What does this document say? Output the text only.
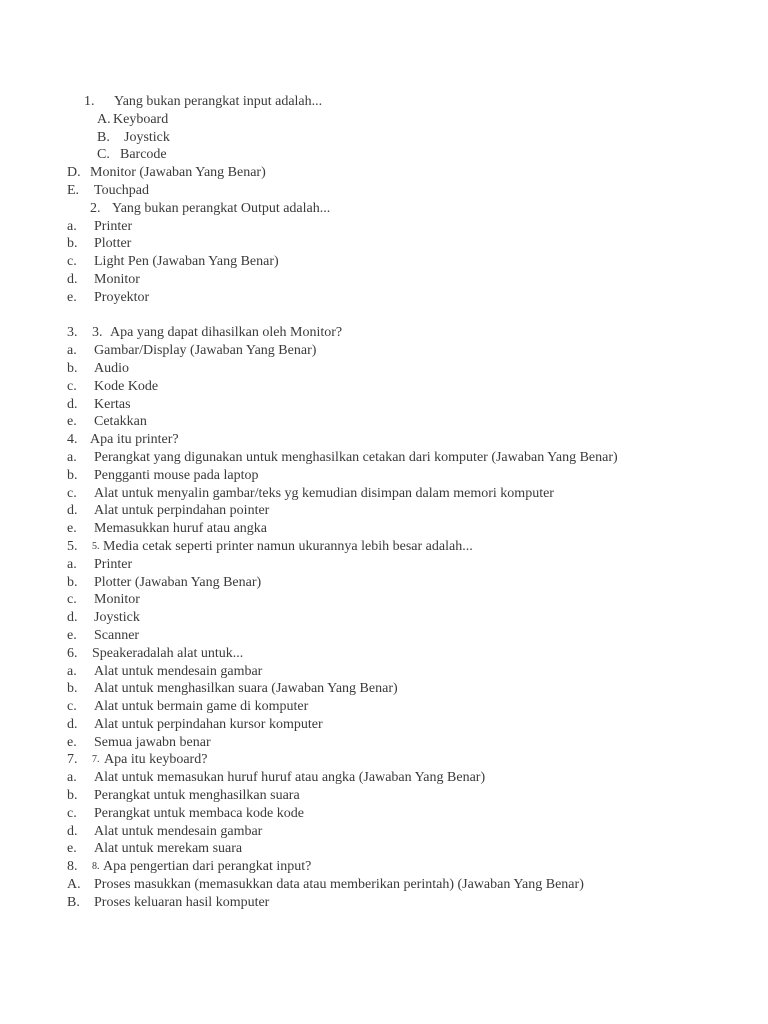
1. Yang bukan perangkat input adalah...
A. Keyboard
B. Joystick
C. Barcode
D. Monitor (Jawaban Yang Benar)
E. Touchpad
2. Yang bukan perangkat Output adalah...
a. Printer
b. Plotter
c. Light Pen (Jawaban Yang Benar)
d. Monitor
e. Proyektor
3. 3. Apa yang dapat dihasilkan oleh Monitor?
a. Gambar/Display (Jawaban Yang Benar)
b. Audio
c. Kode Kode
d. Kertas
e. Cetakkan
4. Apa itu printer?
a. Perangkat yang digunakan untuk menghasilkan cetakan dari komputer (Jawaban Yang Benar)
b. Pengganti mouse pada laptop
c. Alat untuk menyalin gambar/teks yg kemudian disimpan dalam memori komputer
d. Alat untuk perpindahan pointer
e. Memasukkan huruf atau angka
5. 5. Media cetak seperti printer namun ukurannya lebih besar adalah...
a. Printer
b. Plotter (Jawaban Yang Benar)
c. Monitor
d. Joystick
e. Scanner
6. Speakeradalah alat untuk...
a. Alat untuk mendesain gambar
b. Alat untuk menghasilkan suara (Jawaban Yang Benar)
c. Alat untuk bermain game di komputer
d. Alat untuk perpindahan kursor komputer
e. Semua jawabn benar
7. 7. Apa itu keyboard?
a. Alat untuk memasukan huruf huruf atau angka (Jawaban Yang Benar)
b. Perangkat untuk menghasilkan suara
c. Perangkat untuk membaca kode kode
d. Alat untuk mendesain gambar
e. Alat untuk merekam suara
8. 8. Apa pengertian dari perangkat input?
A. Proses masukkan (memasukkan data atau memberikan perintah) (Jawaban Yang Benar)
B. Proses keluaran hasil komputer
